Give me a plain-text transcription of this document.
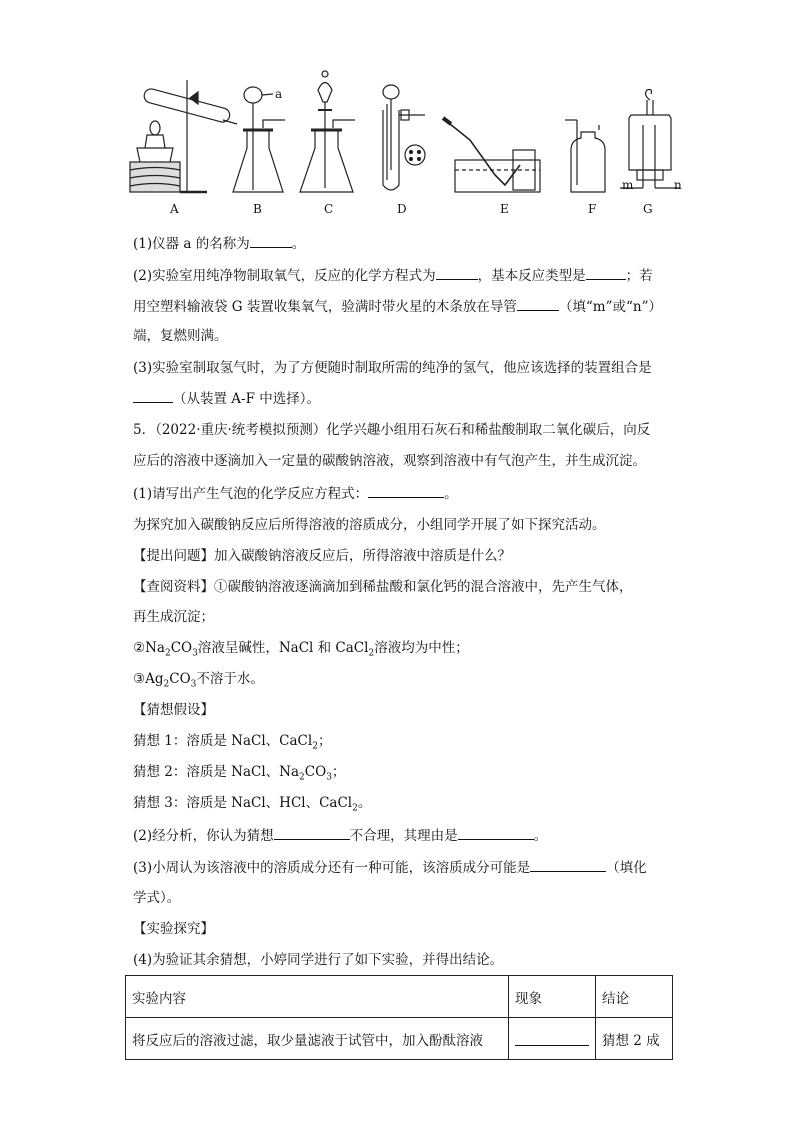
A	B	C	D	E	F	G
a
m	n
(1)仪器 a 的名称为	。
(2)实验室用纯净物制取氧气，反应的化学方程式为	，基本反应类型是	；若
用空塑料输液袋 G 装置收集氧气，验满时带火星的木条放在导管	（填“m”或“n”）
端，复燃则满。
(3)实验室制取氢气时，为了方便随时制取所需的纯净的氢气，他应该选择的装置组合是
（从装置 A-F 中选择）。
5．（2022·重庆·统考模拟预测）化学兴趣小组用石灰石和稀盐酸制取二氧化碳后，向反
应后的溶液中逐滴加入一定量的碳酸钠溶液，观察到溶液中有气泡产生，并生成沉淀。
(1)请写出产生气泡的化学反应方程式：	。
为探究加入碳酸钠反应后所得溶液的溶质成分，小组同学开展了如下探究活动。
【提出问题】加入碳酸钠溶液反应后，所得溶液中溶质是什么？
【查阅资料】①碳酸钠溶液逐滴滴加到稀盐酸和氯化钙的混合溶液中，先产生气体，
再生成沉淀；
$②Na_2CO_3$溶液呈碱性，NaCl 和 CaCl$_2$溶液均为中性；
$③Ag_2CO_3$不溶于水。
【猜想假设】
猜想 1：溶质是 NaCl、CaCl$_2$；
猜想 2：溶质是 NaCl、$Na_2CO_3$；
猜想 3：溶质是 NaCl、HCl、CaCl$_2$。
(2)经分析，你认为猜想	不合理，其理由是	。
(3)小周认为该溶液中的溶质成分还有一种可能，该溶质成分可能是	（填化
学式）。
【实验探究】
(4)为验证其余猜想，小婷同学进行了如下实验，并得出结论。
实验内容	现象	结论
将反应后的溶液过滤，取少量滤液于试管中，加入酚酞溶液		猜想 2 成
